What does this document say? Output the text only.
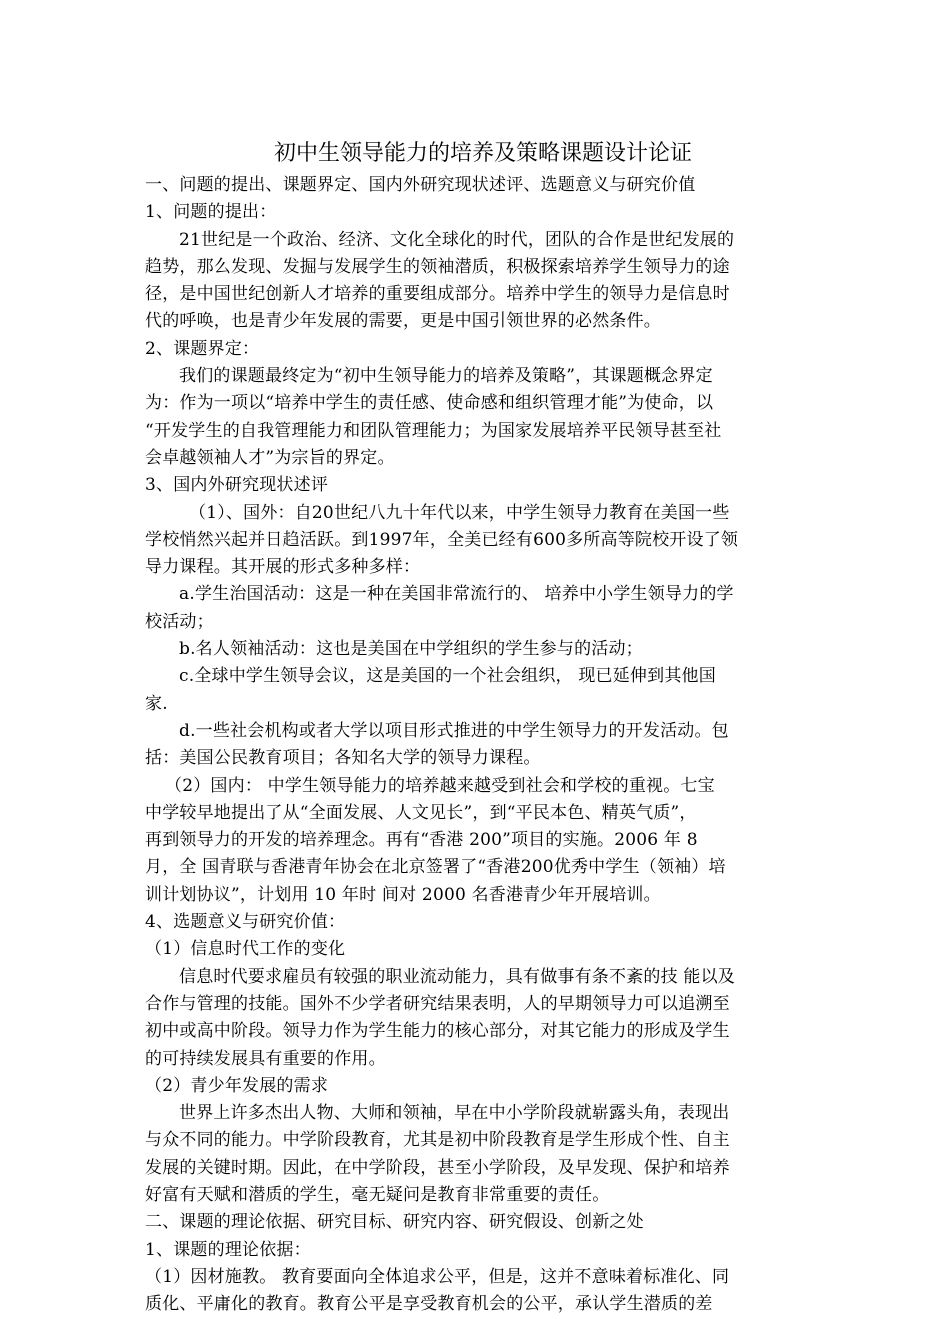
初中生领导能力的培养及策略课题设计论证
一、问题的提出、课题界定、国内外研究现状述评、选题意义与研究价值
1、问题的提出：
21世纪是一个政治、经济、文化全球化的时代，团队的合作是世纪发展的
趋势，那么发现、发掘与发展学生的领袖潜质，积极探索培养学生领导力的途
径，是中国世纪创新人才培养的重要组成部分。培养中学生的领导力是信息时
代的呼唤，也是青少年发展的需要，更是中国引领世界的必然条件。
2、课题界定：
我们的课题最终定为“初中生领导能力的培养及策略”，其课题概念界定
为：作为一项以“培养中学生的责任感、使命感和组织管理才能”为使命，以
“开发学生的自我管理能力和团队管理能力；为国家发展培养平民领导甚至社
会卓越领袖人才”为宗旨的界定。
3、国内外研究现状述评
（1）、国外：自20世纪八九十年代以来，中学生领导力教育在美国一些
学校悄然兴起并日趋活跃。到1997年，全美已经有600多所高等院校开设了领
导力课程。其开展的形式多种多样：
a.学生治国活动：这是一种在美国非常流行的、 培养中小学生领导力的学
校活动；
b.名人领袖活动：这也是美国在中学组织的学生参与的活动；
c.全球中学生领导会议，这是美国的一个社会组织， 现已延伸到其他国
家.
d.一些社会机构或者大学以项目形式推进的中学生领导力的开发活动。包
括：美国公民教育项目；各知名大学的领导力课程。
（2）国内： 中学生领导能力的培养越来越受到社会和学校的重视。七宝
中学较早地提出了从“全面发展、人文见长”，到“平民本色、精英气质”，
再到领导力的开发的培养理念。再有“香港 200”项目的实施。2006 年 8
月，全 国青联与香港青年协会在北京签署了“香港200优秀中学生（领袖）培
训计划协议”，计划用 10 年时 间对 2000 名香港青少年开展培训。
4、选题意义与研究价值：
（1）信息时代工作的变化
信息时代要求雇员有较强的职业流动能力，具有做事有条不紊的技 能以及
合作与管理的技能。国外不少学者研究结果表明，人的早期领导力可以追溯至
初中或高中阶段。领导力作为学生能力的核心部分，对其它能力的形成及学生
的可持续发展具有重要的作用。
（2）青少年发展的需求
世界上许多杰出人物、大师和领袖，早在中小学阶段就崭露头角，表现出
与众不同的能力。中学阶段教育，尤其是初中阶段教育是学生形成个性、自主
发展的关键时期。因此，在中学阶段，甚至小学阶段，及早发现、保护和培养
好富有天赋和潜质的学生，毫无疑问是教育非常重要的责任。
二、课题的理论依据、研究目标、研究内容、研究假设、创新之处
1、课题的理论依据：
（1）因材施教。 教育要面向全体追求公平，但是，这并不意味着标准化、同
质化、平庸化的教育。教育公平是享受教育机会的公平，承认学生潜质的差
